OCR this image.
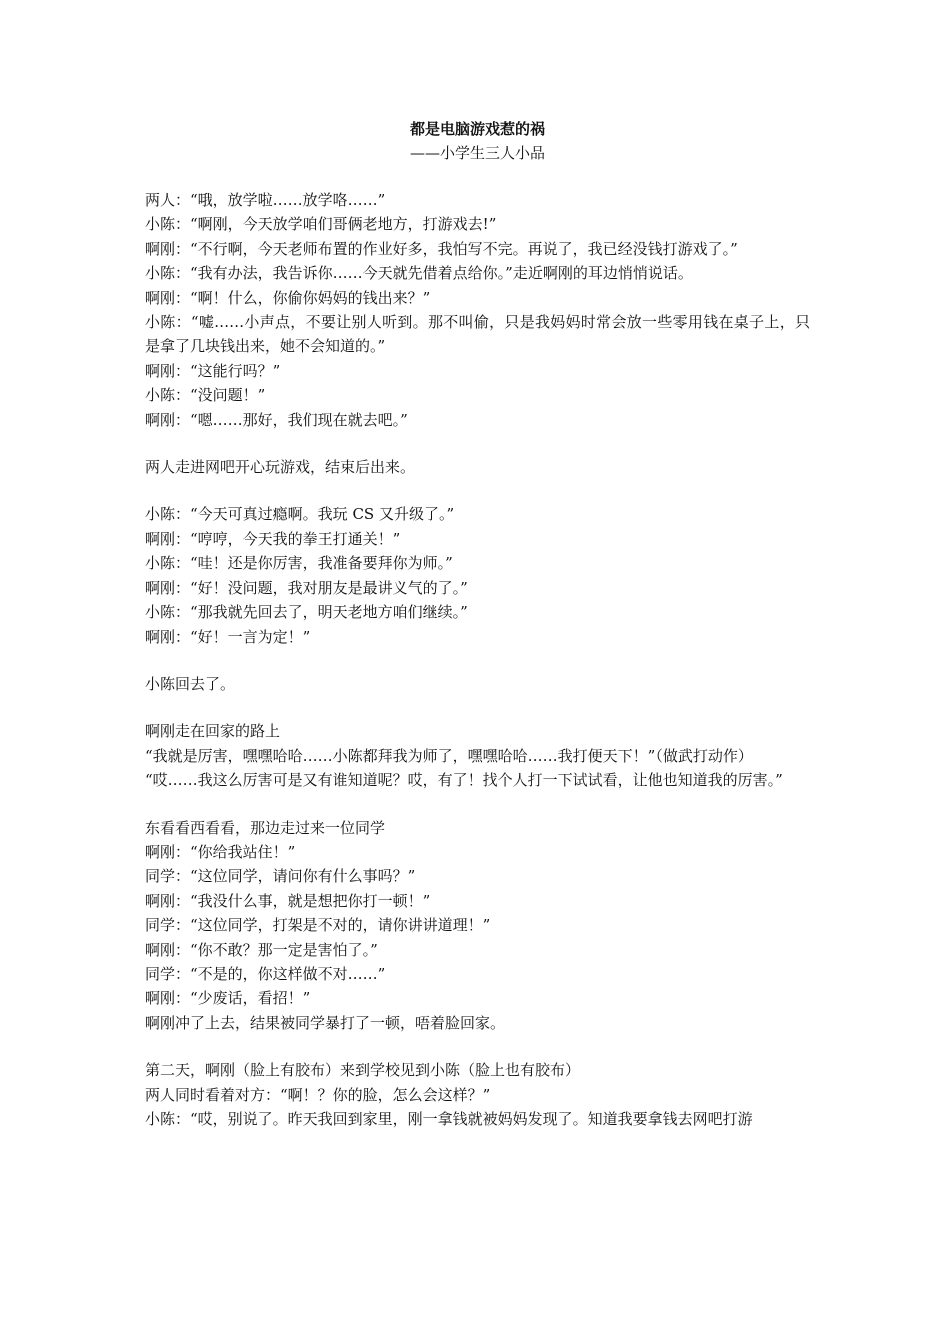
都是电脑游戏惹的祸

——小学生三人小品

两人：“哦，放学啦……放学咯……”

小陈：“啊刚，今天放学咱们哥俩老地方，打游戏去!”

啊刚：“不行啊，今天老师布置的作业好多，我怕写不完。再说了，我已经没钱打游戏了。”

小陈：“我有办法，我告诉你……今天就先借着点给你。”走近啊刚的耳边悄悄说话。

啊刚：“啊！什么，你偷你妈妈的钱出来？”

小陈：“嘘……小声点，不要让别人听到。那不叫偷，只是我妈妈时常会放一些零用钱在桌子上，只是拿了几块钱出来，她不会知道的。”

啊刚：“这能行吗？”

小陈：“没问题！”

啊刚：“嗯……那好，我们现在就去吧。”

两人走进网吧开心玩游戏，结束后出来。

小陈：“今天可真过瘾啊。我玩 CS 又升级了。”

啊刚：“哼哼，今天我的拳王打通关！”

小陈：“哇！还是你厉害，我准备要拜你为师。”

啊刚：“好！没问题，我对朋友是最讲义气的了。”

小陈：“那我就先回去了，明天老地方咱们继续。”

啊刚：“好！一言为定！”

小陈回去了。

啊刚走在回家的路上

“我就是厉害，嘿嘿哈哈……小陈都拜我为师了，嘿嘿哈哈……我打便天下！”（做武打动作）

“哎……我这么厉害可是又有谁知道呢？哎，有了！找个人打一下试试看，让他也知道我的厉害。”

东看看西看看，那边走过来一位同学

啊刚：“你给我站住！”

同学：“这位同学，请问你有什么事吗？”

啊刚：“我没什么事，就是想把你打一顿！”

同学：“这位同学，打架是不对的，请你讲讲道理！”

啊刚：“你不敢？那一定是害怕了。”

同学：“不是的，你这样做不对……”

啊刚：“少废话，看招！”

啊刚冲了上去，结果被同学暴打了一顿，唔着脸回家。

第二天，啊刚（脸上有胶布）来到学校见到小陈（脸上也有胶布）

两人同时看着对方：“啊！？你的脸，怎么会这样？”

小陈：“哎，别说了。昨天我回到家里，刚一拿钱就被妈妈发现了。知道我要拿钱去网吧打游
